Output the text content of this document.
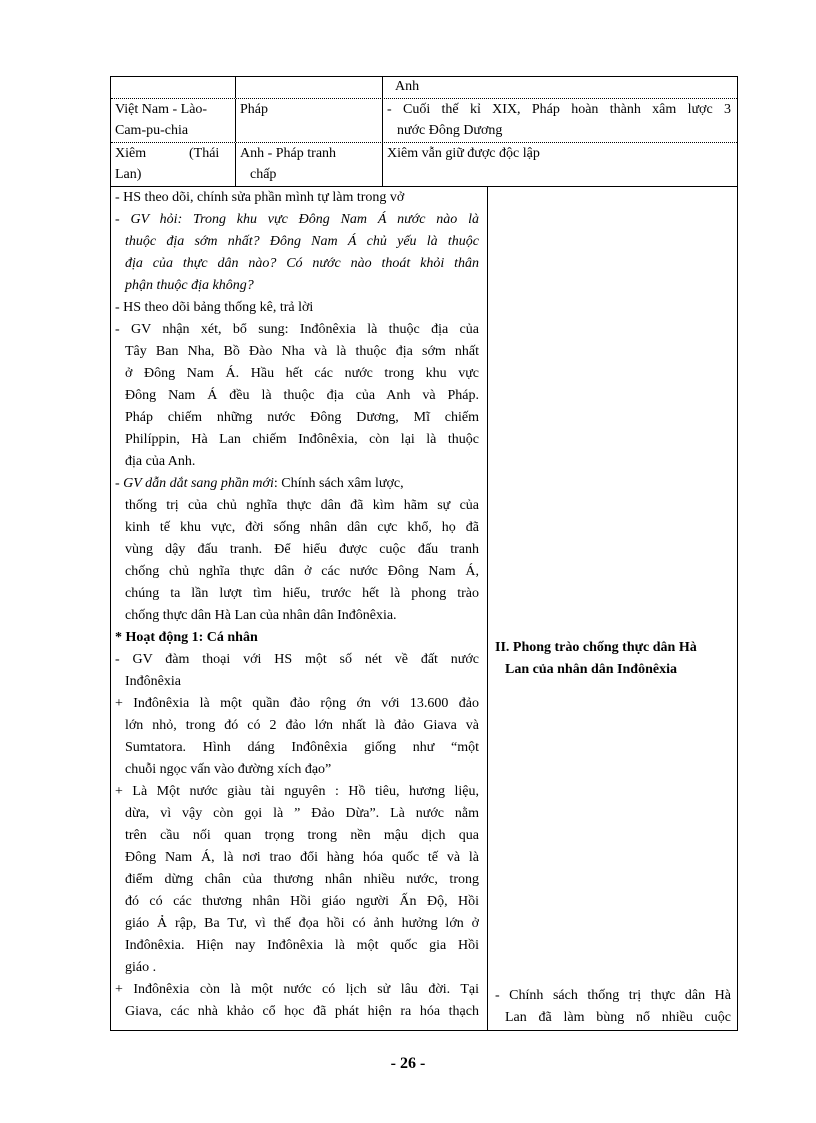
Anh
Việt Nam - Lào-
Cam-pu-chia
Pháp	- Cuối thế kỉ XIX, Pháp hoàn thành xâm lược 3
nước Đông Dương
Xiêm	(Thái
Lan)
Anh - Pháp tranh
chấp
Xiêm vẫn giữ được độc lập
- HS theo dõi, chính sửa phần mình tự làm trong vở
- GV hỏi: Trong khu vực Đông Nam Á nước nào là
thuộc địa sớm nhất? Đông Nam Á chủ yếu là thuộc
địa của thực dân nào? Có nước nào thoát khỏi thân
phận thuộc địa không?
- HS theo dõi bảng thống kê, trả lời
- GV nhận xét, bổ sung: Inđônêxia là thuộc địa của
Tây Ban Nha, Bồ Đào Nha và là thuộc địa sớm nhất
ở Đông Nam Á. Hầu hết các nước trong khu vực
Đông Nam Á đều là thuộc địa của Anh và Pháp.
Pháp chiếm những nước Đông Dương, Mĩ chiếm
Philíppin, Hà Lan chiếm Inđônêxia, còn lại là thuộc
địa của Anh.
- GV dẫn dắt sang phần mới: Chính sách xâm lược,
thống trị của chủ nghĩa thực dân đã kìm hãm sự của
kinh tế khu vực, đời sống nhân dân cực khổ, họ đã
vùng dậy đấu tranh. Để hiểu được cuộc đấu tranh
chống chủ nghĩa thực dân ở các nước Đông Nam Á,
chúng ta lần lượt tìm hiểu, trước hết là phong trào
chống thực dân Hà Lan của nhân dân Inđônêxia.
* Hoạt động 1: Cá nhân
- GV đàm thoại với HS một số nét về đất nước
Inđônêxia
+ Inđônêxia là một quần đảo rộng ớn với 13.600 đảo
lớn nhỏ, trong đó có 2 đảo lớn nhất là đảo Giava và
Sumtatora. Hình dáng Inđônêxia giống như “một
chuỗi ngọc vấn vào đường xích đạo”
+ Là Một nước giàu tài nguyên : Hồ tiêu, hương liệu,
dừa, vì vậy còn gọi là ” Đảo Dừa”. Là nước nằm
trên cầu nối quan trọng trong nền mậu dịch qua
Đông Nam Á, là nơi trao đổi hàng hóa quốc tế và là
điểm dừng chân của thương nhân nhiều nước, trong
đó có các thương nhân Hồi giáo người Ấn Độ, Hồi
giáo Ả rập, Ba Tư, vì thế đọa hồi có ảnh hưởng lớn ở
Inđônêxia. Hiện nay Inđônêxia là một quốc gia Hồi
giáo .
+ Inđônêxia còn là một nước có lịch sử lâu đời. Tại
Giava, các nhà khảo cổ học đã phát hiện ra hóa thạch
II. Phong trào chống thực dân Hà
Lan của nhân dân Inđônêxia
- Chính sách thống trị thực dân Hà
Lan đã làm bùng nổ nhiều cuộc
- 26 -
